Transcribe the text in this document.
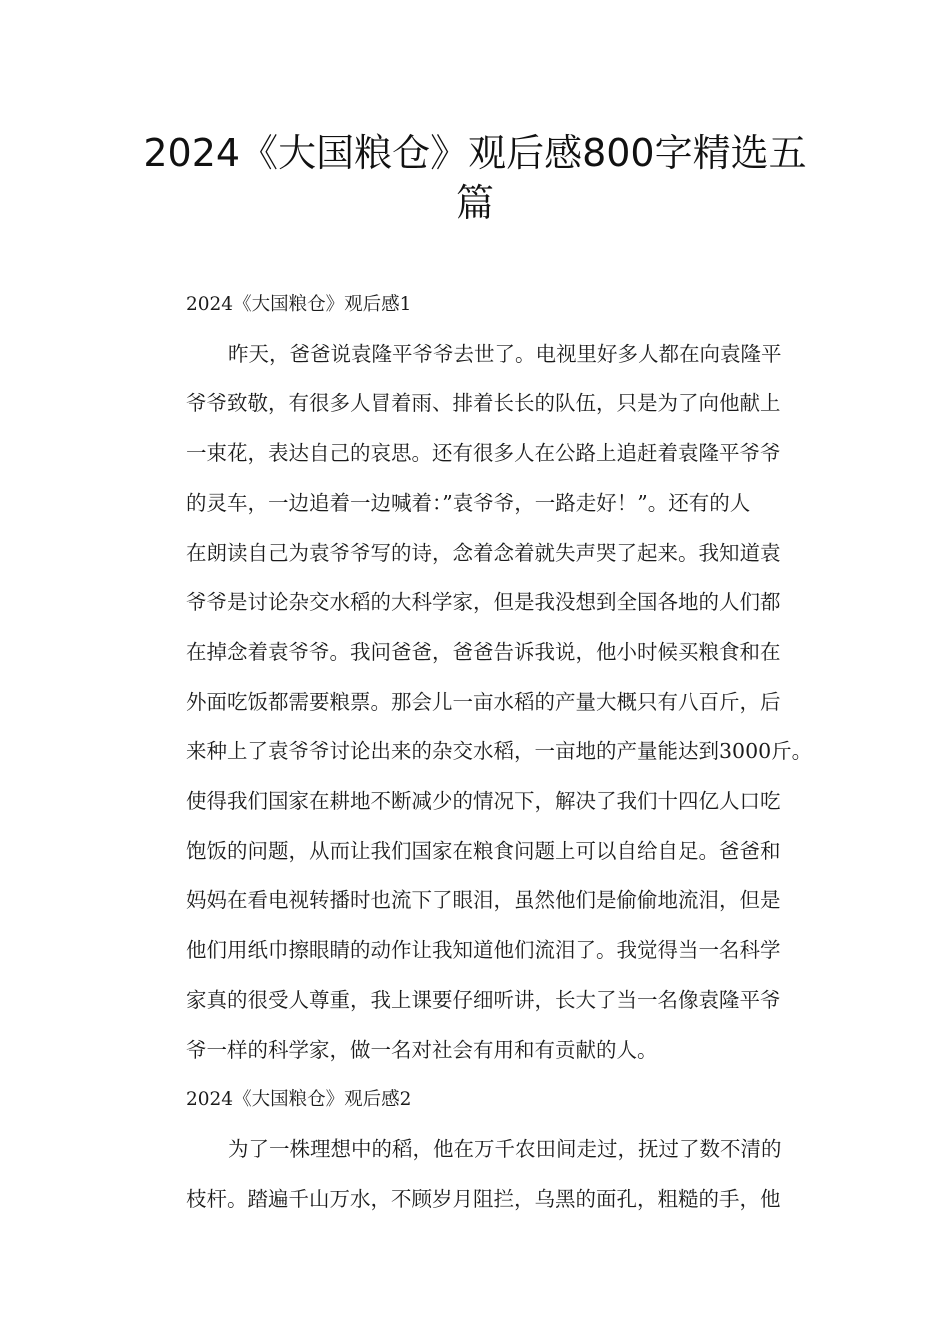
2024《大国粮仓》观后感800字精选五
篇

2024《大国粮仓》观后感1

昨天，爸爸说袁隆平爷爷去世了。电视里好多人都在向袁隆平
爷爷致敬，有很多人冒着雨、排着长长的队伍，只是为了向他献上
一束花，表达自己的哀思。还有很多人在公路上追赶着袁隆平爷爷
的灵车，一边追着一边喊着：”袁爷爷，一路走好！”。还有的人
在朗读自己为袁爷爷写的诗，念着念着就失声哭了起来。我知道袁
爷爷是讨论杂交水稻的大科学家，但是我没想到全国各地的人们都
在掉念着袁爷爷。我问爸爸，爸爸告诉我说，他小时候买粮食和在
外面吃饭都需要粮票。那会儿一亩水稻的产量大概只有八百斤，后
来种上了袁爷爷讨论出来的杂交水稻，一亩地的产量能达到3000斤。
使得我们国家在耕地不断减少的情况下，解决了我们十四亿人口吃
饱饭的问题，从而让我们国家在粮食问题上可以自给自足。爸爸和
妈妈在看电视转播时也流下了眼泪，虽然他们是偷偷地流泪，但是
他们用纸巾擦眼睛的动作让我知道他们流泪了。我觉得当一名科学
家真的很受人尊重，我上课要仔细听讲，长大了当一名像袁隆平爷
爷一样的科学家，做一名对社会有用和有贡献的人。

2024《大国粮仓》观后感2

为了一株理想中的稻，他在万千农田间走过，抚过了数不清的
枝杆。踏遍千山万水，不顾岁月阻拦，乌黑的面孔，粗糙的手，他
